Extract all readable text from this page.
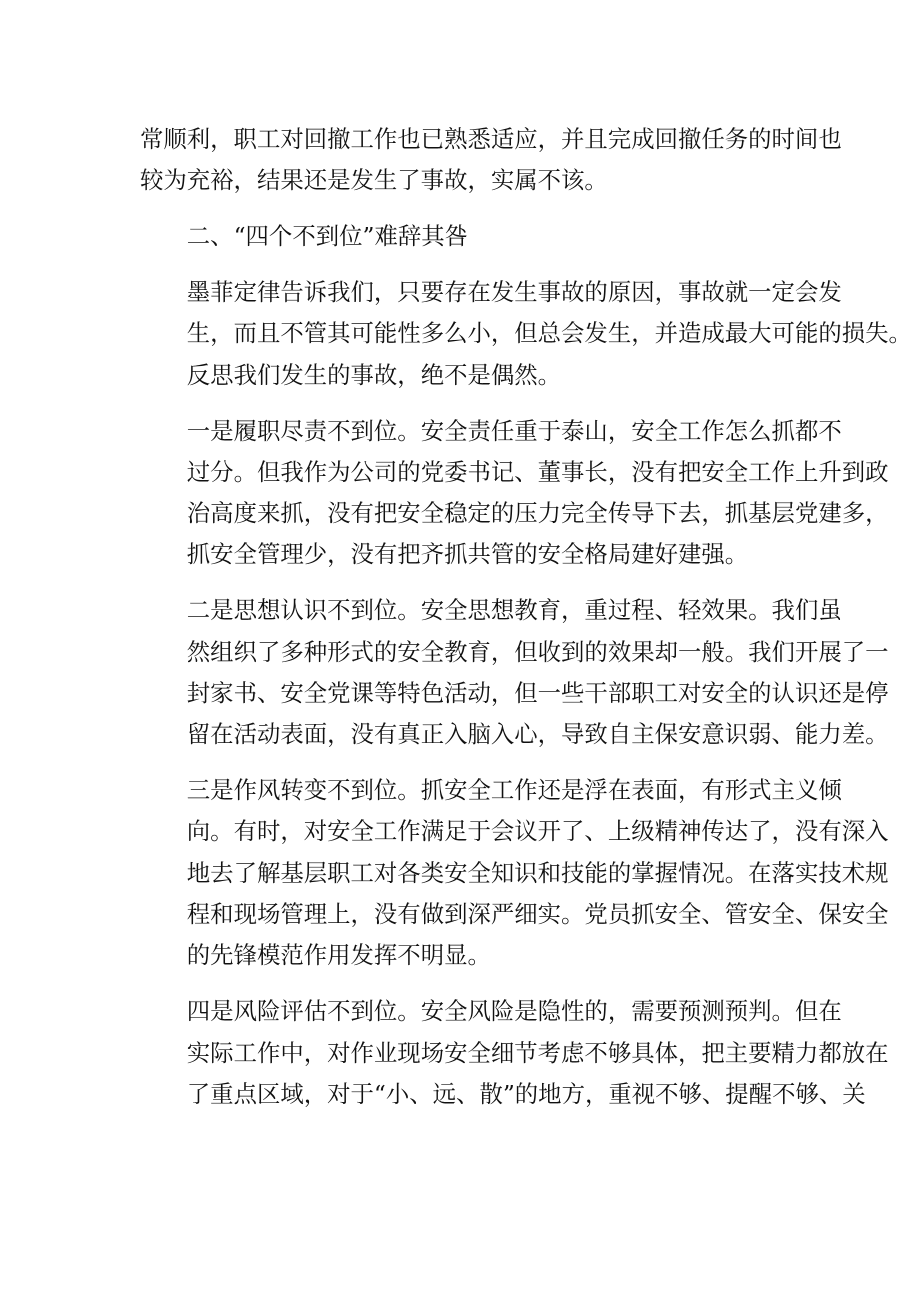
常顺利，职工对回撤工作也已熟悉适应，并且完成回撤任务的时间也
较为充裕，结果还是发生了事故，实属不该。

二、“四个不到位”难辞其咎

墨菲定律告诉我们，只要存在发生事故的原因，事故就一定会发
生，而且不管其可能性多么小，但总会发生，并造成最大可能的损失。
反思我们发生的事故，绝不是偶然。

一是履职尽责不到位。安全责任重于泰山，安全工作怎么抓都不
过分。但我作为公司的党委书记、董事长，没有把安全工作上升到政
治高度来抓，没有把安全稳定的压力完全传导下去，抓基层党建多，
抓安全管理少，没有把齐抓共管的安全格局建好建强。

二是思想认识不到位。安全思想教育，重过程、轻效果。我们虽
然组织了多种形式的安全教育，但收到的效果却一般。我们开展了一
封家书、安全党课等特色活动，但一些干部职工对安全的认识还是停
留在活动表面，没有真正入脑入心，导致自主保安意识弱、能力差。

三是作风转变不到位。抓安全工作还是浮在表面，有形式主义倾
向。有时，对安全工作满足于会议开了、上级精神传达了，没有深入
地去了解基层职工对各类安全知识和技能的掌握情况。在落实技术规
程和现场管理上，没有做到深严细实。党员抓安全、管安全、保安全
的先锋模范作用发挥不明显。

四是风险评估不到位。安全风险是隐性的，需要预测预判。但在
实际工作中，对作业现场安全细节考虑不够具体，把主要精力都放在
了重点区域，对于“小、远、散”的地方，重视不够、提醒不够、关
